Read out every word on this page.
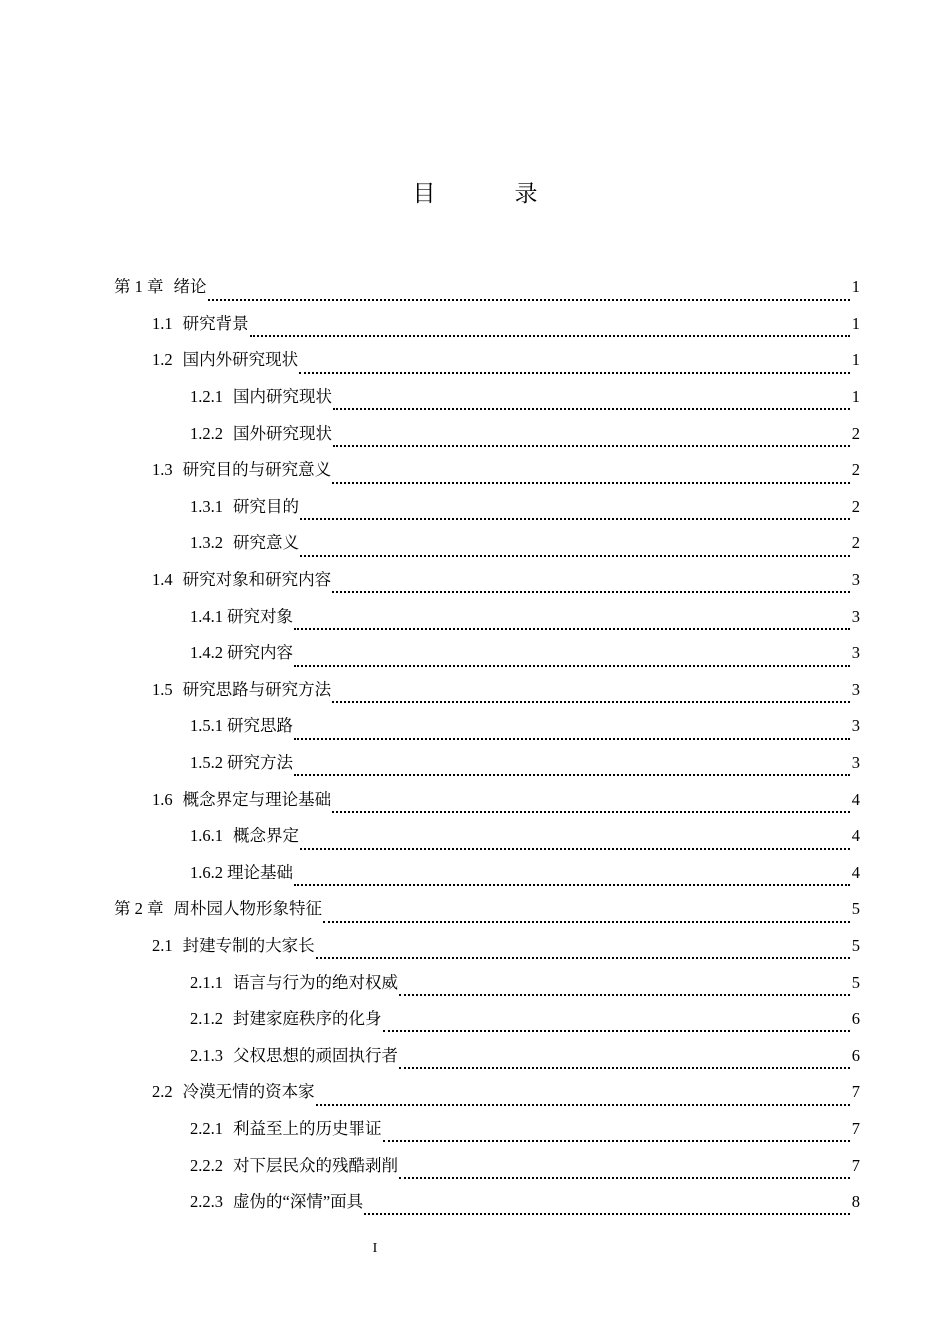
目　录
第 1 章 绪论	1
1.1 研究背景	1
1.2 国内外研究现状	1
1.2.1 国内研究现状	1
1.2.2 国外研究现状	2
1.3 研究目的与研究意义	2
1.3.1 研究目的	2
1.3.2 研究意义	2
1.4 研究对象和研究内容	3
1.4.1 研究对象	3
1.4.2 研究内容	3
1.5 研究思路与研究方法	3
1.5.1 研究思路	3
1.5.2 研究方法	3
1.6 概念界定与理论基础	4
1.6.1 概念界定	4
1.6.2 理论基础	4
第 2 章 周朴园人物形象特征	5
2.1 封建专制的大家长	5
2.1.1 语言与行为的绝对权威	5
2.1.2 封建家庭秩序的化身	6
2.1.3 父权思想的顽固执行者	6
2.2 冷漠无情的资本家	7
2.2.1 利益至上的历史罪证	7
2.2.2 对下层民众的残酷剥削	7
2.2.3 虚伪的“深情”面具	8
I
